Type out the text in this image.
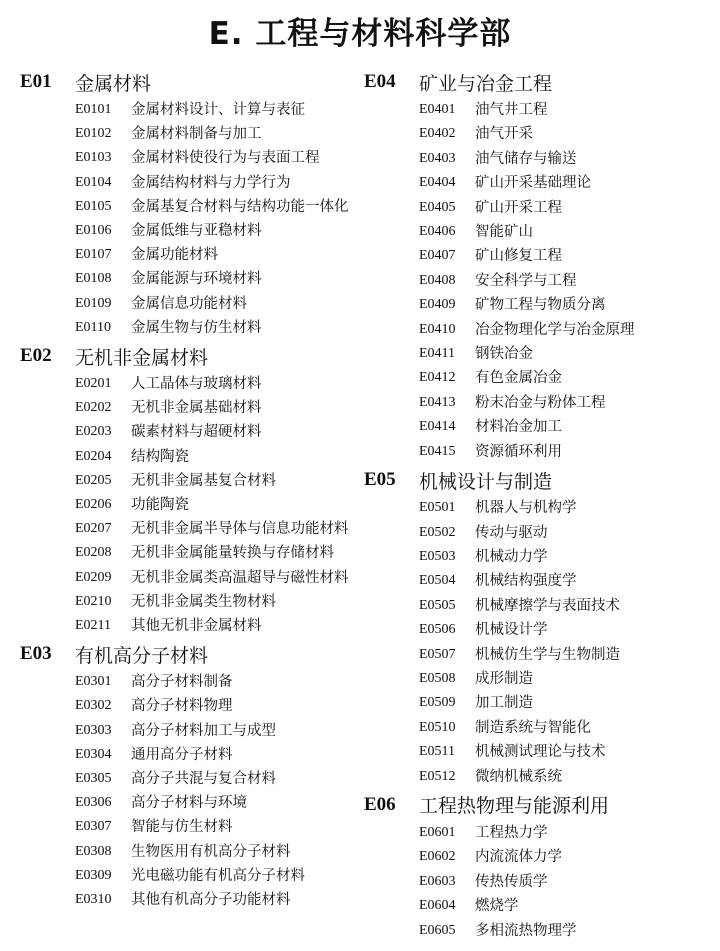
E. 工程与材料科学部
E01	金属材料
E0101	金属材料设计、计算与表征
E0102	金属材料制备与加工
E0103	金属材料使役行为与表面工程
E0104	金属结构材料与力学行为
E0105	金属基复合材料与结构功能一体化
E0106	金属低维与亚稳材料
E0107	金属功能材料
E0108	金属能源与环境材料
E0109	金属信息功能材料
E0110	金属生物与仿生材料
E02	无机非金属材料
E0201	人工晶体与玻璃材料
E0202	无机非金属基础材料
E0203	碳素材料与超硬材料
E0204	结构陶瓷
E0205	无机非金属基复合材料
E0206	功能陶瓷
E0207	无机非金属半导体与信息功能材料
E0208	无机非金属能量转换与存储材料
E0209	无机非金属类高温超导与磁性材料
E0210	无机非金属类生物材料
E0211	其他无机非金属材料
E03	有机高分子材料
E0301	高分子材料制备
E0302	高分子材料物理
E0303	高分子材料加工与成型
E0304	通用高分子材料
E0305	高分子共混与复合材料
E0306	高分子材料与环境
E0307	智能与仿生材料
E0308	生物医用有机高分子材料
E0309	光电磁功能有机高分子材料
E0310	其他有机高分子功能材料
E04	矿业与冶金工程
E0401	油气井工程
E0402	油气开采
E0403	油气储存与输送
E0404	矿山开采基础理论
E0405	矿山开采工程
E0406	智能矿山
E0407	矿山修复工程
E0408	安全科学与工程
E0409	矿物工程与物质分离
E0410	冶金物理化学与冶金原理
E0411	钢铁冶金
E0412	有色金属冶金
E0413	粉末冶金与粉体工程
E0414	材料冶金加工
E0415	资源循环利用
E05	机械设计与制造
E0501	机器人与机构学
E0502	传动与驱动
E0503	机械动力学
E0504	机械结构强度学
E0505	机械摩擦学与表面技术
E0506	机械设计学
E0507	机械仿生学与生物制造
E0508	成形制造
E0509	加工制造
E0510	制造系统与智能化
E0511	机械测试理论与技术
E0512	微纳机械系统
E06	工程热物理与能源利用
E0601	工程热力学
E0602	内流流体力学
E0603	传热传质学
E0604	燃烧学
E0605	多相流热物理学
